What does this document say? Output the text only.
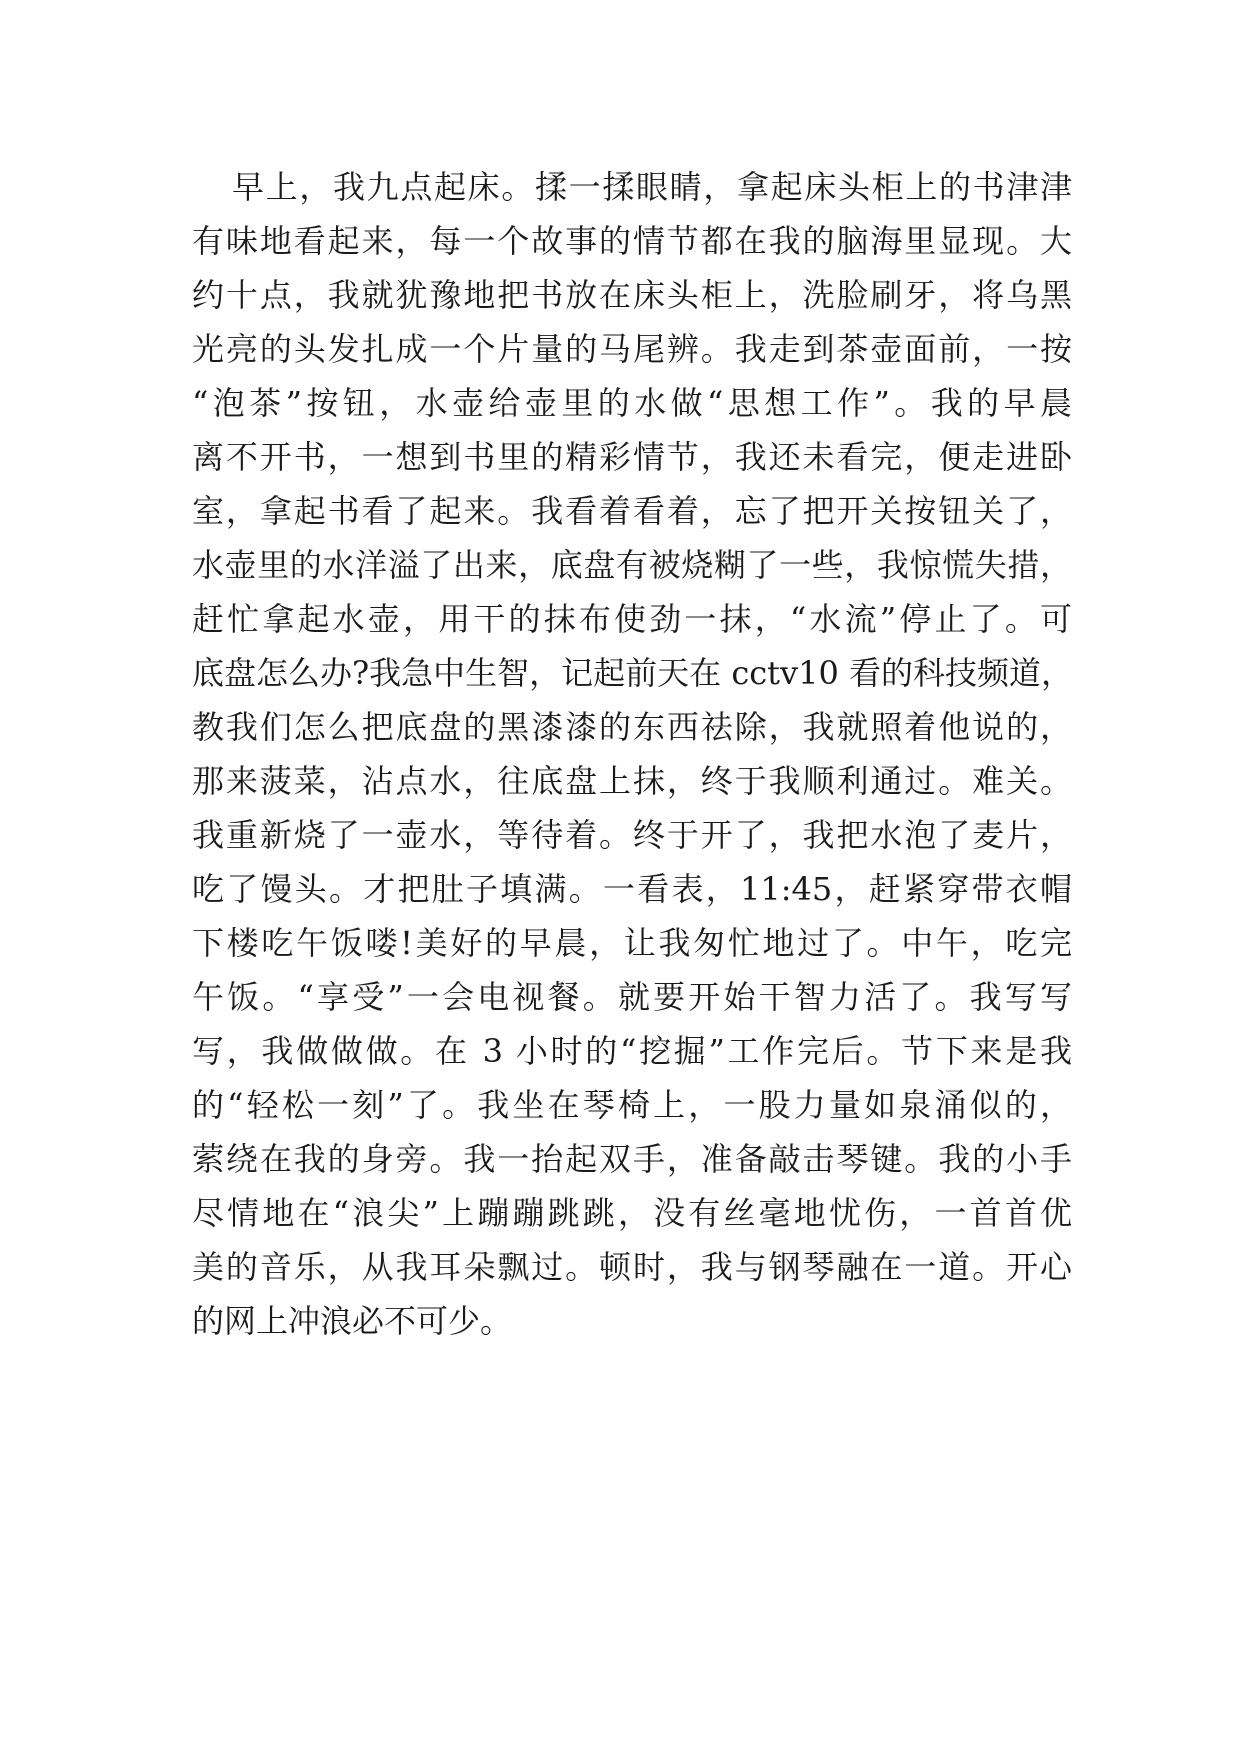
早上，我九点起床。揉一揉眼睛，拿起床头柜上的书津津
有味地看起来，每一个故事的情节都在我的脑海里显现。大
约十点，我就犹豫地把书放在床头柜上，洗脸刷牙，将乌黑
光亮的头发扎成一个片量的马尾辨。我走到茶壶面前，一按
“泡茶”按钮，水壶给壶里的水做“思想工作”。我的早晨
离不开书，一想到书里的精彩情节，我还未看完，便走进卧
室，拿起书看了起来。我看着看着，忘了把开关按钮关了，
水壶里的水洋溢了出来，底盘有被烧糊了一些，我惊慌失措，
赶忙拿起水壶，用干的抹布使劲一抹，“水流”停止了。可
底盘怎么办?我急中生智，记起前天在 cctv10 看的科技频道，
教我们怎么把底盘的黑漆漆的东西祛除，我就照着他说的，
那来菠菜，沾点水，往底盘上抹，终于我顺利通过。难关。
我重新烧了一壶水，等待着。终于开了，我把水泡了麦片，
吃了馒头。才把肚子填满。一看表，11:45，赶紧穿带衣帽
下楼吃午饭喽!美好的早晨，让我匆忙地过了。中午，吃完
午饭。“享受”一会电视餐。就要开始干智力活了。我写写
写，我做做做。在 3 小时的“挖掘”工作完后。节下来是我
的“轻松一刻”了。我坐在琴椅上，一股力量如泉涌似的，
萦绕在我的身旁。我一抬起双手，准备敲击琴键。我的小手
尽情地在“浪尖”上蹦蹦跳跳，没有丝毫地忧伤，一首首优
美的音乐，从我耳朵飘过。顿时，我与钢琴融在一道。开心
的网上冲浪必不可少。
